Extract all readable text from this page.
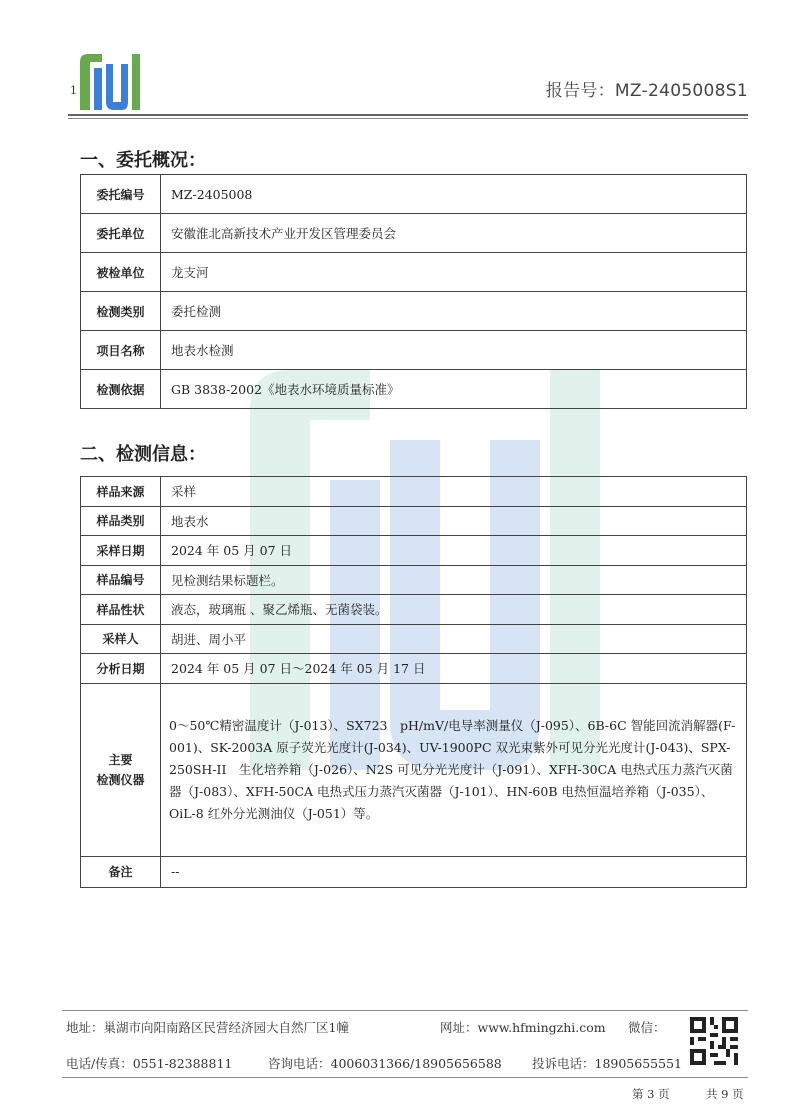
1	报告号：MZ-2405008S1
一、委托概况：
委托编号	MZ-2405008
委托单位	安徽淮北高新技术产业开发区管理委员会
被检单位	龙支河
检测类别	委托检测
项目名称	地表水检测
检测依据	GB 3838-2002《地表水环境质量标准》
二、检测信息：
样品来源	采样
样品类别	地表水
采样日期	2024 年 05 月 07 日
样品编号	见检测结果标题栏。
样品性状	液态，玻璃瓶 、聚乙烯瓶、无菌袋装。
采样人	胡进、周小平
分析日期	2024 年 05 月 07 日～2024 年 05 月 17 日

主要
检测仪器	0～50℃精密温度计（J-013）、SX723　pH/mV/电导率测量仪（J-095）、6B-6C 智能回流消解器(F-001)、SK-2003A 原子荧光光度计(J-034)、UV-1900PC 双光束紫外可见分光光度计(J-043)、SPX-250SH-II　生化培养箱（J-026）、N2S 可见分光光度计（J-091）、XFH-30CA 电热式压力蒸汽灭菌器（J-083）、XFH-50CA 电热式压力蒸汽灭菌器（J-101）、HN-60B 电热恒温培养箱（J-035）、OiL-8 红外分光测油仪（J-051）等。
备注	--
地址：巢湖市向阳南路区民营经济园大自然厂区1幢	网址：www.hfmingzhi.com 微信：
电话/传真：0551-82388811	咨询电话：4006031366/18905656588 投诉电话：18905655551
第 3 页	共 9 页
